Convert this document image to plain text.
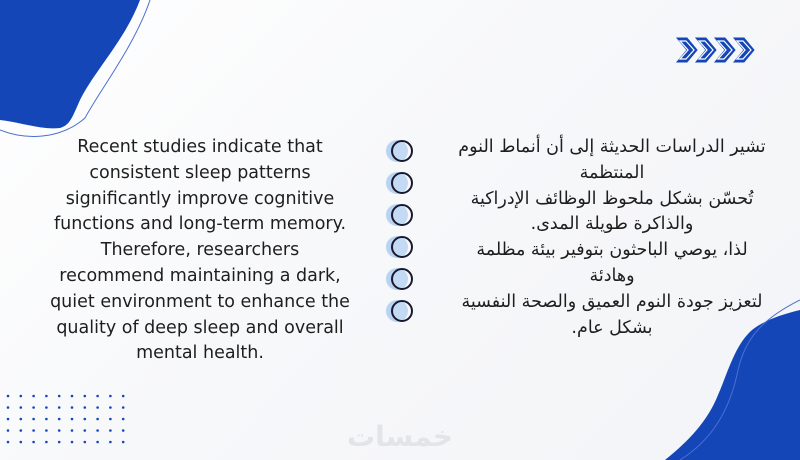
Recent studies indicate that
consistent sleep patterns
significantly improve cognitive
functions and long-term memory.
Therefore, researchers
recommend maintaining a dark,
quiet environment to enhance the
quality of deep sleep and overall
mental health.
تشير الدراسات الحديثة إلى أن أنماط النوم
المنتظمة
تُحسّن بشكل ملحوظ الوظائف الإدراكية
والذاكرة طويلة المدى.
لذا، يوصي الباحثون بتوفير بيئة مظلمة
وهادئة
لتعزيز جودة النوم العميق والصحة النفسية
بشكل عام.
خمسات
